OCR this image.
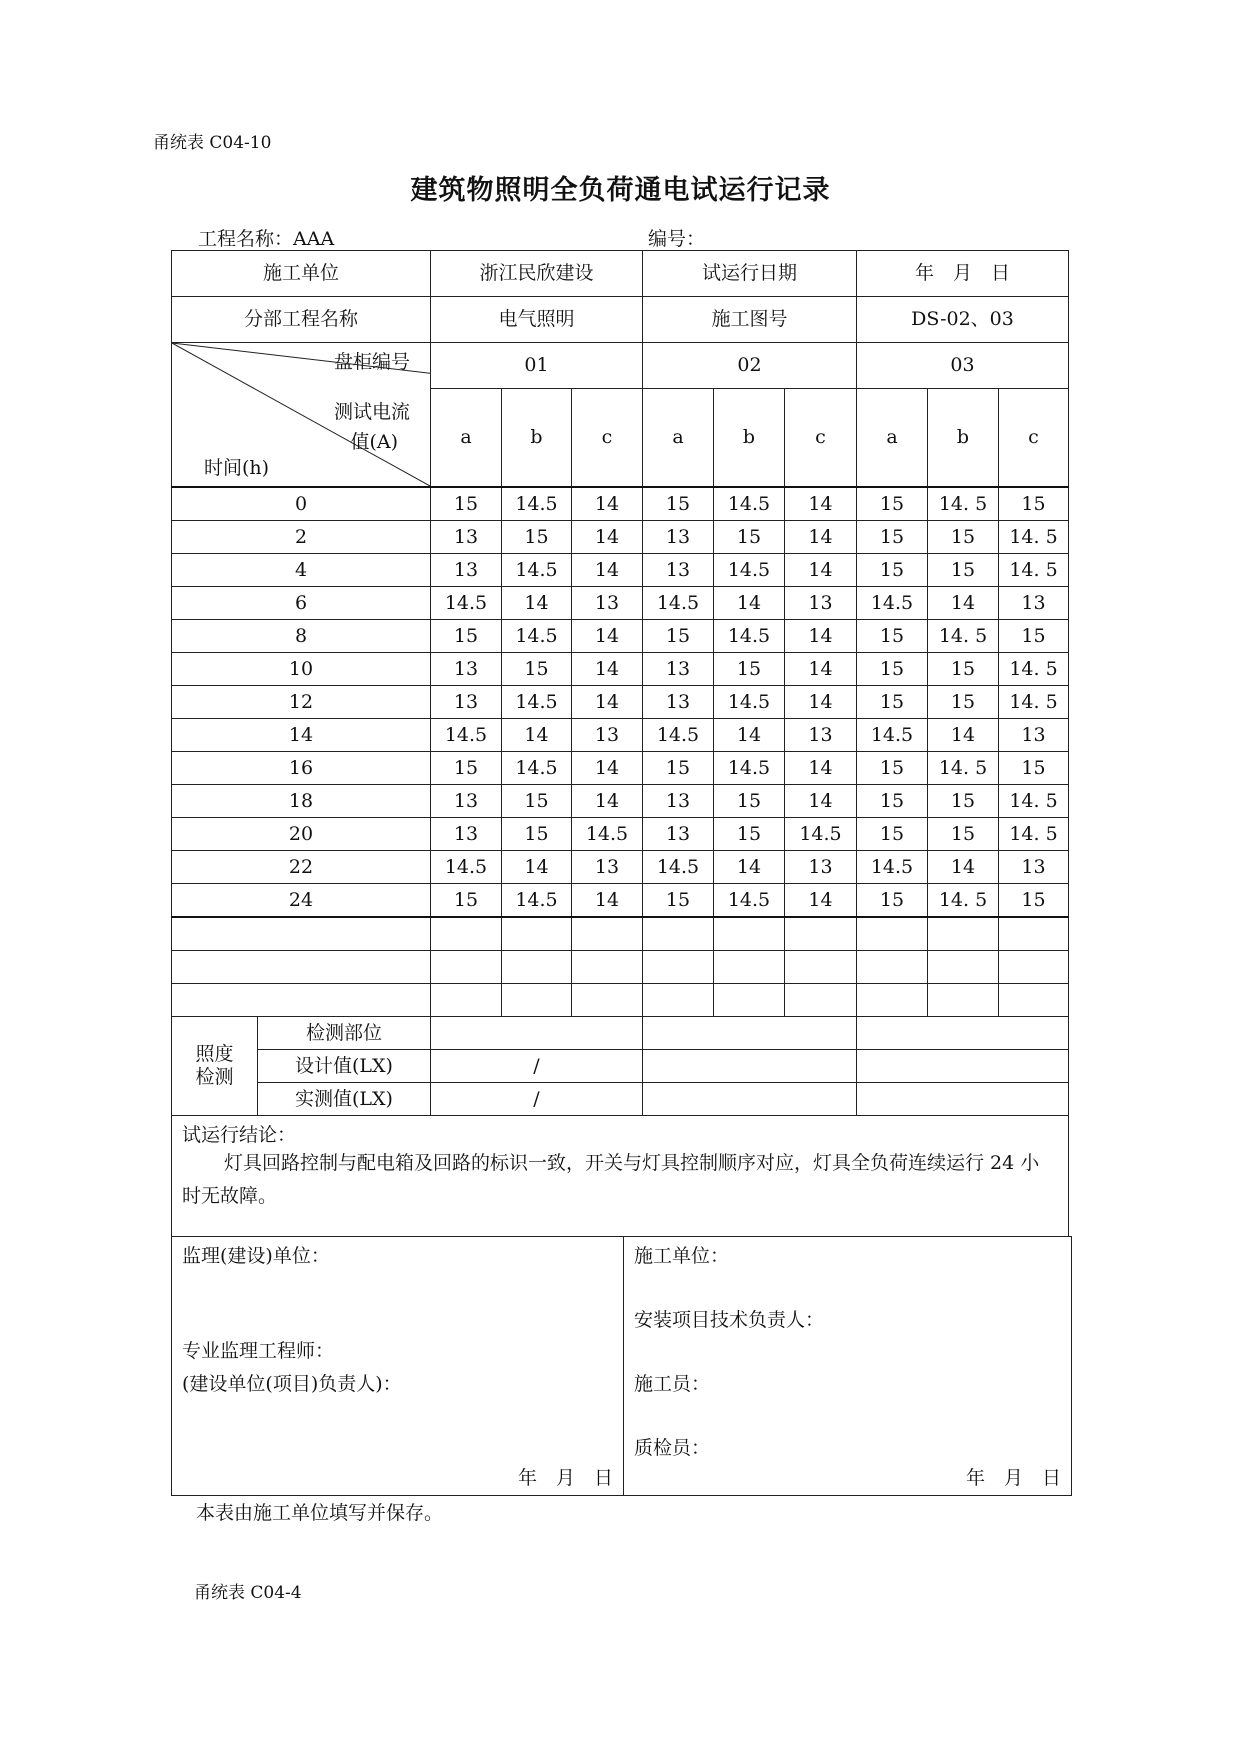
甬统表 C04-10
建筑物照明全负荷通电试运行记录
工程名称：AAA	编号：
施工单位		浙江民欣建设			试运行日期			年　月　日		
分部工程名称		电气照明			施工图号			DS-02、03		

盘柜编号
测试电流
值(A)
时间(h)		01			02			03		
		a	b	c	a	b	c	a	b	c
0		15	14.5	14	15	14.5	14	15	14. 5	15
2		13	15	14	13	15	14	15	15	14. 5
4		13	14.5	14	13	14.5	14	15	15	14. 5
6		14.5	14	13	14.5	14	13	14.5	14	13
8		15	14.5	14	15	14.5	14	15	14. 5	15
10		13	15	14	13	15	14	15	15	14. 5
12		13	14.5	14	13	14.5	14	15	15	14. 5
14		14.5	14	13	14.5	14	13	14.5	14	13
16		15	14.5	14	15	14.5	14	15	14. 5	15
18		13	15	14	13	15	14	15	15	14. 5
20		13	15	14.5	13	15	14.5	15	15	14. 5
22		14.5	14	13	14.5	14	13	14.5	14	13
24		15	14.5	14	15	14.5	14	15	14. 5	15

照度检测	检测部位									
	设计值(LX)	/								
	实测值(LX)	/								

试运行结论：
灯具回路控制与配电箱及回路的标识一致，开关与灯具控制顺序对应，灯具全负荷连续运行 24 小时无故障。										
监理(建设)单位：
专业监理工程师：
(建设单位(项目)负责人)：
年　月　日

施工单位：
安装项目技术负责人：
施工员：
质检员：
年　月　日
本表由施工单位填写并保存。
甬统表 C04-4
